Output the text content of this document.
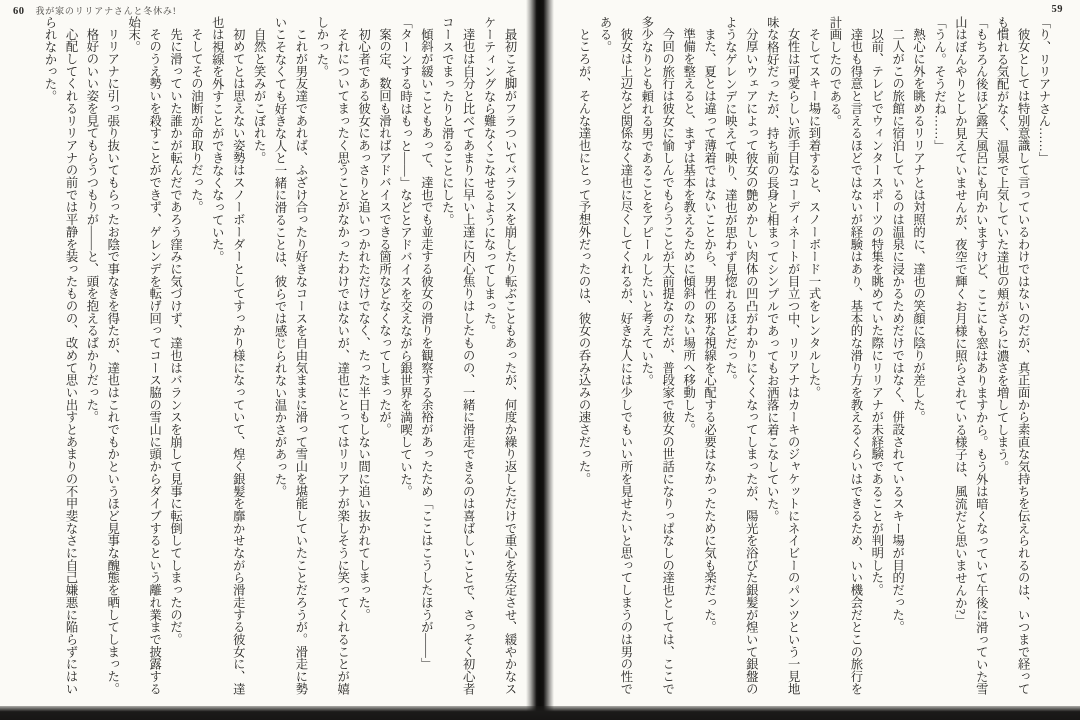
60 我が家のリリアナさんと冬休み!
最初こそ脚がフラついてバランスを崩したり転ぶこともあったが、何度か繰り返しただけで重心を安定させ、緩やかなス
ケーティングなら難なくこなせるようになってしまった。
達也は自分と比べてあまりに早い上達に内心焦りはしたものの、一緒に滑走できるのは喜ばしいことで、さっそく初心者
コースでまったりと滑ることにした。
傾斜が緩いこともあって、達也でも並走する彼女の滑りを観察する余裕があったため「ここはこうしたほうが――」
「ターンする時はもっと――」などとアドバイスを交えながら銀世界を満喫していた。
案の定、数回も滑ればアドバイスできる箇所などなくなってしまったが。
初心者である彼女にあっさりと追いつかれただけでなく、たった半日もしない間に追い抜かれてしまった。
それについてまったく思うことがなかったわけではないが、達也にとってはリリアナが楽しそうに笑ってくれることが嬉
しかった。
これが男友達であれば、ふざけ合ったり好きなコースを自由気ままに滑って雪山を堪能していたことだろうが。滑走に勢
いこそなくても好きな人と一緒に滑ることは、彼らでは感じられない温かさがあった。
自然と笑みがこぼれた。
初めてとは思えない姿勢はスノーボーダーとしてすっかり様になっていて、煌く銀髪を靡かせながら滑走する彼女に、達
也は視線を外すことができなくなっていた。
そしてその油断が命取りだった。
先に滑っていた誰かが転んだであろう窪みに気づけず、達也はバランスを崩して見事に転倒してしまったのだ。
そのうえ勢いを殺すことができず、ゲレンデを転げ回ってコース脇の雪山に頭からダイブするという離れ業まで披露する
始末。
リリアナに引っ張り抜いてもらったお陰で事なきを得たが、達也はこれでもかというほど見事な醜態を晒してしまった。
格好のいい姿を見てもらうつもりが――と、頭を抱えるばかりだった。
心配してくれるリリアナの前では平静を装ったものの、改めて思い出すとあまりの不甲斐なさに自己嫌悪に陥らずにはい
られなかった。
59
「り、リリアナさん……」
彼女としては特別意識して言っているわけではないのだが、真正面から素直な気持ちを伝えられるのは、いつまで経って
も慣れる気配がなく、温泉で上気していた達也の頬がさらに濃さを増してしまう。
「もちろん後ほど露天風呂にも向かいますけど、ここにも窓はありますから。もう外は暗くなっていて午後に滑っていた雪
山はぼんやりとしか見えていませんが、夜空で輝くお月様に照らされている様子は、風流だと思いませんか?」
「うん。そうだね……」
熱心に外を眺めるリリアナとは対照的に、達也の笑顔に陰りが差した。
二人がこの旅館に宿泊しているのは温泉に浸かるためだけではなく、併設されているスキー場が目的だった。
以前、テレビでウィンタースポーツの特集を眺めていた際にリリアナが未経験であることが判明した。
達也も得意と言えるほどではないが経験はあり、基本的な滑り方を教えるくらいはできるため、いい機会だとこの旅行を
計画したのである。
そしてスキー場に到着すると、スノーボード一式をレンタルした。
女性は可愛らしい派手目なコーディネートが目立つ中、リリアナはカーキのジャケットにネイビーのパンツという一見地
味な格好だったが、持ち前の長身と相まってシンプルであってもお洒落に着こなしていた。
分厚いウェアによって彼女の艶めかしい肉体の凹凸がわかりにくくなってしまったが、陽光を浴びた銀髪が煌いて銀盤の
ようなゲレンデに映えて映り、達也が思わず見惚れるほどだった。
また、夏とは違って薄着ではないことから、男性の邪な視線を心配する必要はなかったために気も楽だった。
準備を整えると、まずは基本を教えるために傾斜のない場所へ移動した。
今回の旅行は彼女に愉しんでもらうことが大前提なのだが、普段家で彼女の世話になりっぱなしの達也としては、ここで
多少なりとも頼れる男であることをアピールしたいと考えていた。
彼女は上辺など関係なく達也に尽くしてくれるが、好きな人には少しでもいい所を見せたいと思ってしまうのは男の性で
ある。
ところが、そんな達也にとって予想外だったのは、彼女の呑み込みの速さだった。
